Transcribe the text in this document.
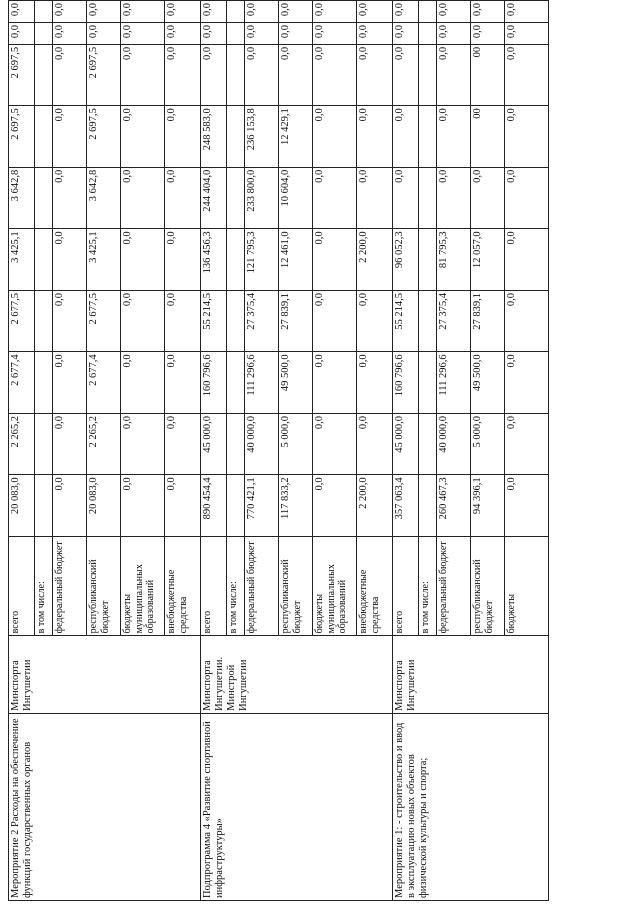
Мероприятие 2 Расходы на обеспечение функций государственных органов	Минспорта Ингушетии	всего	20 083,0	2 265,2	2 677,4	2 677,5	3 425,1	3 642,8	2 697,5	2 697,5	0,0	0,0
		в том числе:										
		федеральный бюджет	0,0	0,0	0,0	0,0	0,0	0,0	0,0	0,0	0,0	0,0
		республиканский бюджет	20 083,0	2 265,2	2 677,4	2 677,5	3 425,1	3 642,8	2 697,5	2 697,5	0,0	0,0
		бюджеты муниципальных образований	0,0	0,0	0,0	0,0	0,0	0,0	0,0	0,0	0,0	0,0
		внебюджетные средства	0,0	0,0	0,0	0,0	0,0	0,0	0,0	0,0	0,0	0,0
Подпрограмма 4 «Развитие спортивной инфраструктуры»	Минспорта Ингушетии. Минстрой Ингушетии	всего	890 454,4	45 000,0	160 796,6	55 214,5	136 456,3	244 404,0	248 583,0	0,0	0,0	0,0
		в том числе:										
		федеральный бюджет	770 421,1	40 000,0	111 296,6	27 375,4	121 795,3	233 800,0	236 153,8	0,0	0,0	0,0
		республиканский бюджет	117 833,2	5 000,0	49 500,0	27 839,1	12 461,0	10 604,0	12 429,1	0,0	0,0	0,0
		бюджеты муниципальных образований	0,0	0,0	0,0	0,0	0,0	0,0	0,0	0,0	0,0	0,0
		внебюджетные средства	2 200,0	0,0	0,0	0,0	2 200,0	0,0	0,0	0,0	0,0	0,0
Мероприятие 1: - строительство и ввод в эксплуатацию новых объектов физической культуры и спорта;	Минспорта Ингушетии	всего	357 063,4	45 000,0	160 796,6	55 214,5	96 052,3	0,0	0,0	0,0	0,0	0,0
		в том числе:										
		федеральный бюджет	260 467,3	40 000,0	111 296,6	27 375,4	81 795,3	0,0	0,0	0,0	0,0	0,0
		республиканский бюджет	94 396,1	5 000,0	49 500,0	27 839,1	12 057,0	0,0	00	00	0,0	0,0
		бюджеты	0,0	0,0	0,0	0,0	0,0	0,0	0,0	0,0	0,0	0,0
